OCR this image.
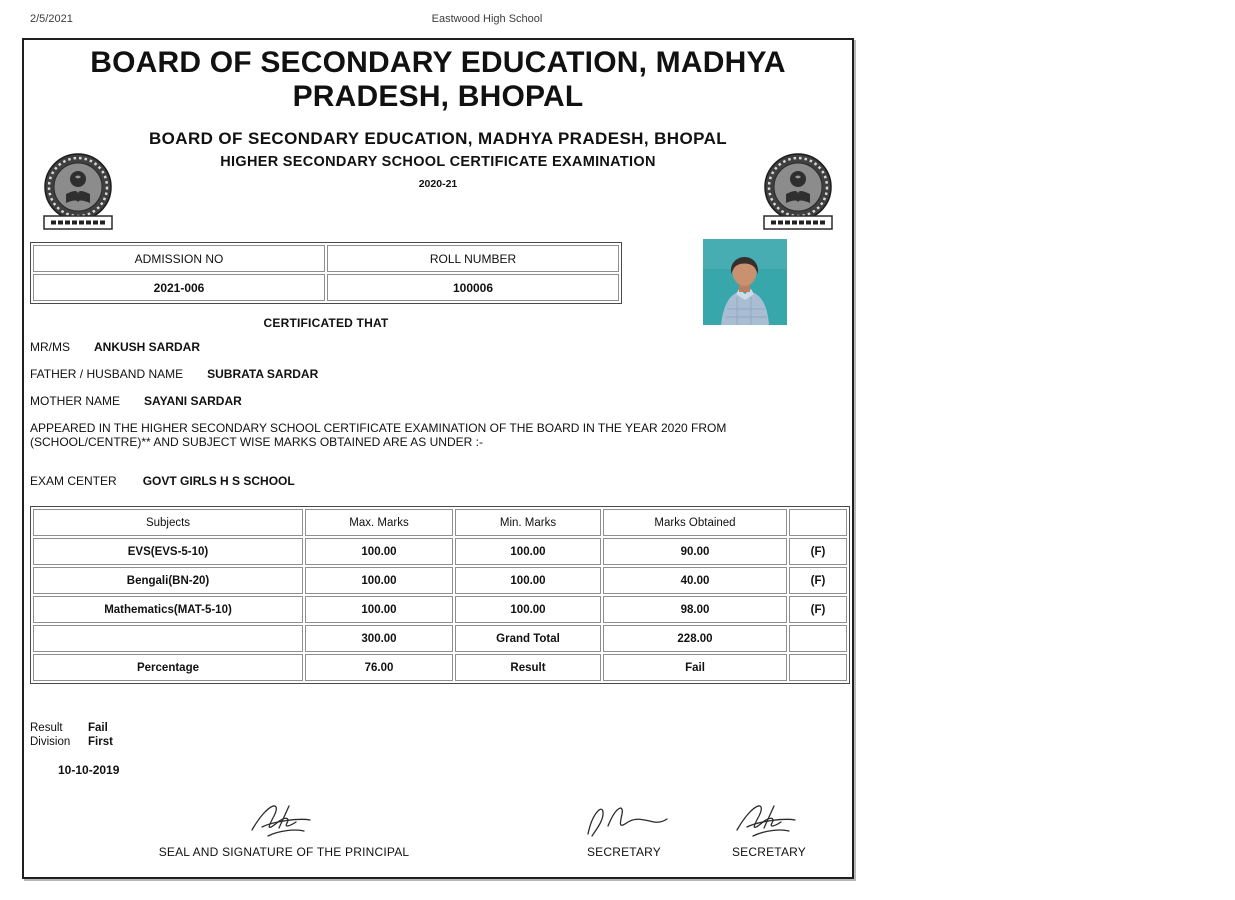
2/5/2021	Eastwood High School
BOARD OF SECONDARY EDUCATION, MADHYA PRADESH, BHOPAL
BOARD OF SECONDARY EDUCATION, MADHYA PRADESH, BHOPAL
HIGHER SECONDARY SCHOOL CERTIFICATE EXAMINATION
2020-21
ADMISSION NO	ROLL NUMBER
2021-006	100006
CERTIFICATED THAT
MR/MS ANKUSH SARDAR
FATHER / HUSBAND NAME SUBRATA SARDAR
MOTHER NAME SAYANI SARDAR
APPEARED IN THE HIGHER SECONDARY SCHOOL CERTIFICATE EXAMINATION OF THE BOARD IN THE YEAR 2020 FROM (SCHOOL/CENTRE)** AND SUBJECT WISE MARKS OBTAINED ARE AS UNDER :-
EXAM CENTER GOVT GIRLS H S SCHOOL
Subjects	Max. Marks	Min. Marks	Marks Obtained	
EVS(EVS-5-10)	100.00	100.00	90.00	(F)
Bengali(BN-20)	100.00	100.00	40.00	(F)
Mathematics(MAT-5-10)	100.00	100.00	98.00	(F)
	300.00	Grand Total	228.00	
Percentage	76.00	Result	Fail	
Result Fail
Division First
10-10-2019
SEAL AND SIGNATURE OF THE PRINCIPAL	SECRETARY	SECRETARY
